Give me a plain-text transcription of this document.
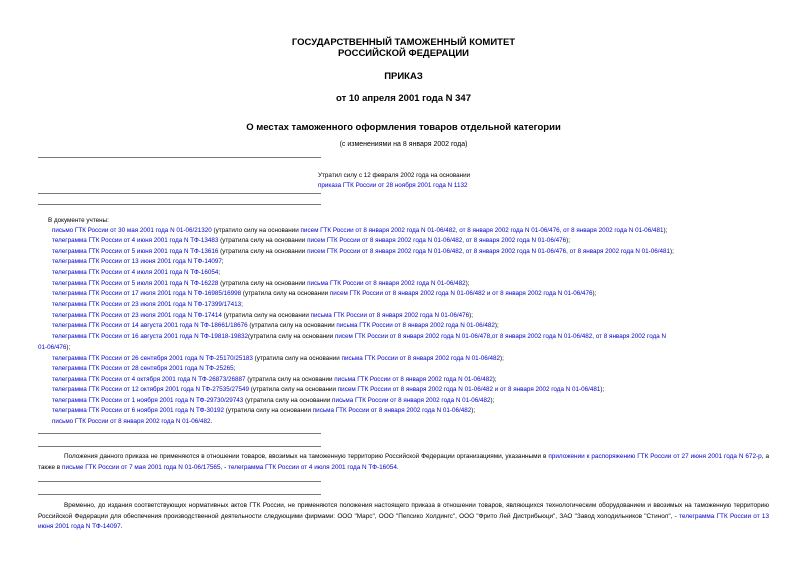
ГОСУДАРСТВЕННЫЙ ТАМОЖЕННЫЙ КОМИТЕТ
РОССИЙСКОЙ ФЕДЕРАЦИИ
ПРИКАЗ
от 10 апреля 2001 года N 347
О местах таможенного оформления товаров отдельной категории
(с изменениями на 8 января 2002 года)
Утратил силу с 12 февраля 2002 года на основании
приказа ГТК России от 28 ноября 2001 года N 1132
В документе учтены:
письмо ГТК России от 30 мая 2001 года N 01-06/21320 (утратило силу на основании писем ГТК России от 8 января 2002 года N 01-06/482, от 8 января 2002 года N 01-06/476, от 8 января 2002 года N 01-06/481);
телеграмма ГТК России от 4 июня 2001 года N ТФ-13483 (утратила силу на основании писем ГТК России от 8 января 2002 года N 01-06/482, от 8 января 2002 года N 01-06/476);
телеграмма ГТК России от 5 июня 2001 года N ТФ-13616 (утратила силу на основании писем ГТК России от 8 января 2002 года N 01-06/482, от 8 января 2002 года N 01-06/476, от 8 января 2002 года N 01-06/481);
телеграмма ГТК России от 13 июня 2001 года N ТФ-14097;
телеграмма ГТК России от 4 июля 2001 года N ТФ-16054;
телеграмма ГТК России от 5 июля 2001 года N ТФ-16228 (утратила силу на основании письма ГТК России от 8 января 2002 года N 01-06/482);
телеграмма ГТК России от 17 июля 2001 года N ТФ-16985/16998 (утратила силу на основании писем ГТК России от 8 января 2002 года N 01-06/482 и от 8 января 2002 года N 01-06/476);
телеграмма ГТК России от 23 июля 2001 года N ТФ-17399/17413;
телеграмма ГТК России от 23 июля 2001 года N ТФ-17414 (утратила силу на основании письма ГТК России от 8 января 2002 года N 01-06/476);
телеграмма ГТК России от 14 августа 2001 года N ТФ-18661/18676 (утратила силу на основании письма ГТК России от 8 января 2002 года N 01-06/482);
телеграмма ГТК России от 16 августа 2001 года N ТФ-19818-19832(утратила силу на основании писем ГТК России от 8 января 2002 года N 01-06/478,от 8 января 2002 года N 01-06/482, от 8 января 2002 года N
01-06/476);
телеграмма ГТК России от 26 сентября 2001 года N ТФ-25170/25183 (утратила силу на основании письма ГТК России от 8 января 2002 года N 01-06/482);
телеграмма ГТК России от 28 сентября 2001 года N ТФ-25265;
телеграмма ГТК России от 4 октября 2001 года N ТФ-26873/26887 (утратила силу на основании письма ГТК России от 8 января 2002 года N 01-06/482);
телеграмма ГТК России от 12 октября 2001 года N ТФ-27535/27549 (утратила силу на основании писем ГТК России от 8 января 2002 года N 01-06/482 и от 8 января 2002 года N 01-06/481);
телеграмма ГТК России от 1 ноября 2001 года N ТФ-29730/29743 (утратила силу на основании письма ГТК России от 8 января 2002 года N 01-06/482);
телеграмма ГТК России от 6 ноября 2001 года N ТФ-30192 (утратила силу на основании письма ГТК России от 8 января 2002 года N 01-06/482);
письмо ГТК России от 8 января 2002 года N 01-06/482.
Положения данного приказа не применяются в отношении товаров, ввозимых на таможенную территорию Российской Федерации организациями, указанными в приложении к распоряжению ГТК России от 27 июня 2001 года N 672-р, а также в письме ГТК России от 7 мая 2001 года N 01-06/17565, - телеграмма ГТК России от 4 июля 2001 года N ТФ-16054.
Временно, до издания соответствующих нормативных актов ГТК России, не применяются положения настоящего приказа в отношении товаров, являющихся технологическим оборудованием и ввозимых на таможенную территорию Российской Федерации для обеспечения производственной деятельности следующими фирмами: ООО "Марс", ООО "Пепсико Холдингс", ООО "Фрито Лей Дистрибьюци", ЗАО "Завод холодильников "Стинол", - телеграмма ГТК России от 13 июня 2001 года N ТФ-14097.
